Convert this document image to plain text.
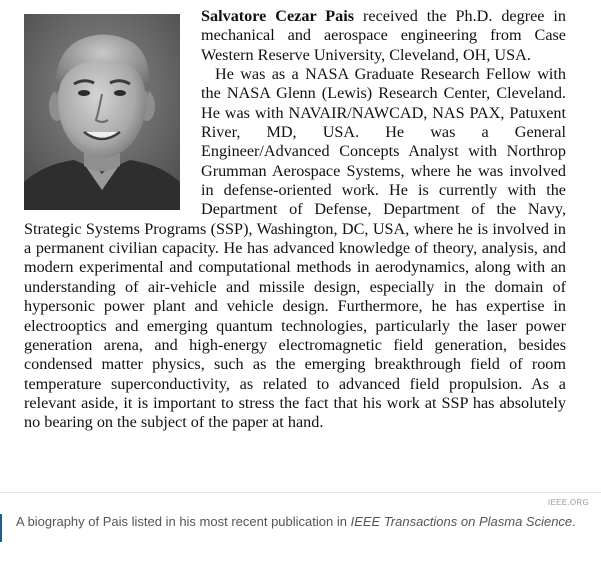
Salvatore Cezar Pais received the Ph.D. degree in mechanical and aerospace engineering from Case Western Reserve University, Cleveland, OH, USA.
He was as a NASA Graduate Research Fellow with the NASA Glenn (Lewis) Research Center, Cleveland. He was with NAVAIR/NAWCAD, NAS PAX, Patuxent River, MD, USA. He was a General Engineer/Advanced Concepts Analyst with Northrop Grumman Aerospace Systems, where he was involved in defense-oriented work. He is currently with the Department of Defense, Department of the Navy, Strategic Systems Programs (SSP), Washington, DC, USA, where he is involved in a permanent civilian capacity. He has advanced knowledge of theory, analysis, and modern experimental and computational methods in aerodynamics, along with an understanding of air-vehicle and missile design, especially in the domain of hypersonic power plant and vehicle design. Furthermore, he has expertise in electrooptics and emerging quantum technologies, particularly the laser power generation arena, and high-energy electromagnetic field generation, besides condensed matter physics, such as the emerging breakthrough field of room temperature superconductivity, as related to advanced field propulsion. As a relevant aside, it is important to stress the fact that his work at SSP has absolutely no bearing on the subject of the paper at hand.
IEEE.ORG

A biography of Pais listed in his most recent publication in IEEE Transactions on Plasma Science.
